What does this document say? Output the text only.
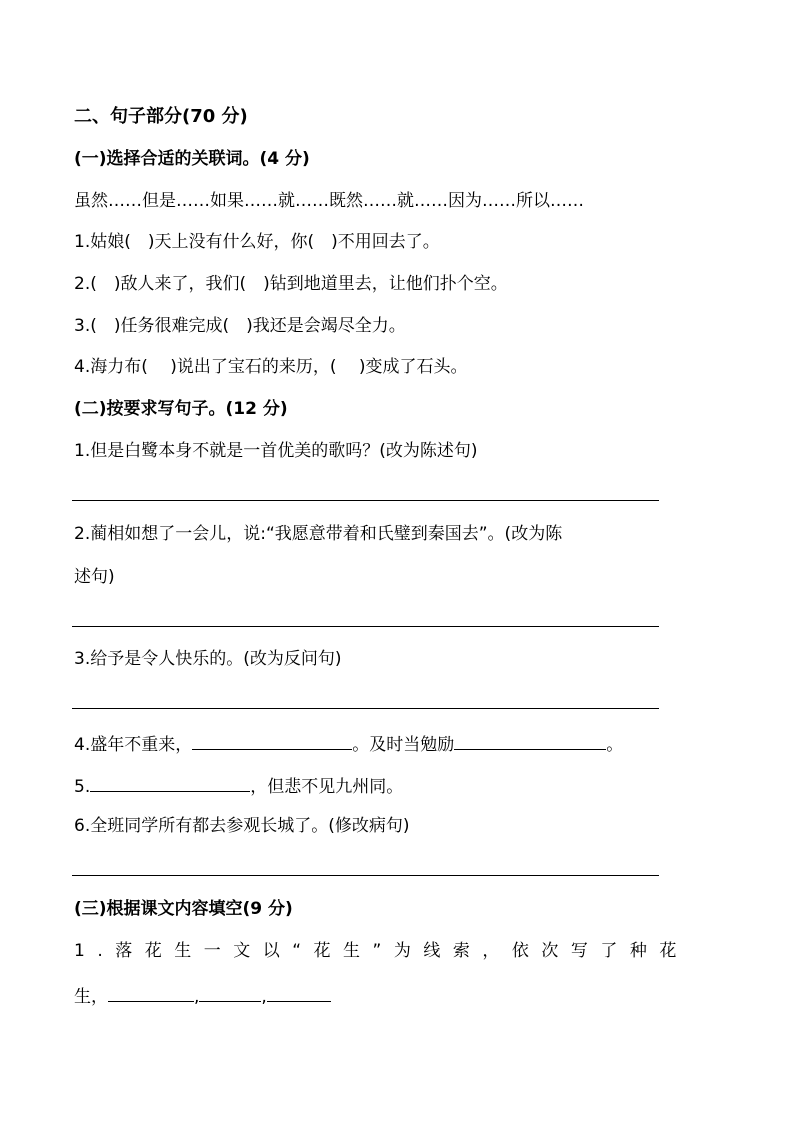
二、句子部分(70 分)
(一)选择合适的关联词。(4 分)
虽然……但是……如果……就……既然……就……因为……所以……
1.姑娘(　)天上没有什么好，你(　)不用回去了。
2.(　)敌人来了，我们(　)钻到地道里去，让他们扑个空。
3.(　)任务很难完成(　)我还是会竭尽全力。
4.海力布(　 )说出了宝石的来历，(　 )变成了石头。
(二)按要求写句子。(12 分)
1.但是白鹭本身不就是一首优美的歌吗？(改为陈述句)
2.蔺相如想了一会儿，说:“我愿意带着和氏璧到秦国去”。(改为陈
述句)
3.给予是令人快乐的。(改为反问句)
4.盛年不重来，	。及时当勉励	。
5.	，但悲不见九州同。
6.全班同学所有都去参观长城了。(修改病句)
(三)根据课文内容填空(9 分)
1.落花生一文以“花生”为线索，依次写了种花
生，	,	,
